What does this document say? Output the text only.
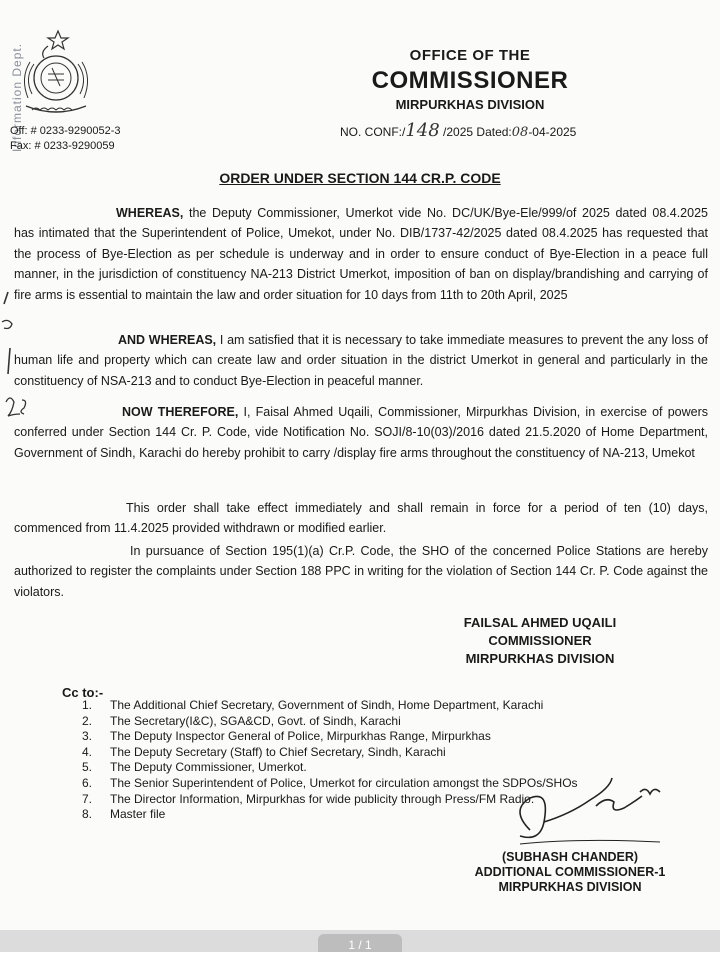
Information Dept.
Off: # 0233-9290052-3
Fax: # 0233-9290059
OFFICE OF THE
COMMISSIONER
MIRPURKHAS DIVISION
NO. CONF:/148 /2025 Dated:08-04-2025
ORDER UNDER SECTION 144 CR.P. CODE
WHEREAS, the Deputy Commissioner, Umerkot vide No. DC/UK/Bye-Ele/999/of 2025 dated 08.4.2025 has intimated that the Superintendent of Police, Umekot, under No. DIB/1737-42/2025 dated 08.4.2025 has requested that the process of Bye-Election as per schedule is underway and in order to ensure conduct of Bye-Election in a peace full manner, in the jurisdiction of constituency NA-213 District Umerkot, imposition of ban on display/brandishing and carrying of fire arms is essential to maintain the law and order situation for 10 days from 11th to 20th April, 2025
AND WHEREAS, I am satisfied that it is necessary to take immediate measures to prevent the any loss of human life and property which can create law and order situation in the district Umerkot in general and particularly in the constituency of NSA-213 and to conduct Bye-Election in peaceful manner.
NOW THEREFORE, I, Faisal Ahmed Uqaili, Commissioner, Mirpurkhas Division, in exercise of powers conferred under Section 144 Cr. P. Code, vide Notification No. SOJI/8-10(03)/2016 dated 21.5.2020 of Home Department, Government of Sindh, Karachi do hereby prohibit to carry /display fire arms throughout the constituency of NA-213, Umekot
This order shall take effect immediately and shall remain in force for a period of ten (10) days, commenced from 11.4.2025 provided withdrawn or modified earlier.
In pursuance of Section 195(1)(a) Cr.P. Code, the SHO of the concerned Police Stations are hereby authorized to register the complaints under Section 188 PPC in writing for the violation of Section 144 Cr. P. Code against the violators.
FAILSAL AHMED UQAILI
COMMISSIONER
MIRPURKHAS DIVISION
Cc to:-
1. The Additional Chief Secretary, Government of Sindh, Home Department, Karachi
2. The Secretary(I&C), SGA&CD, Govt. of Sindh, Karachi
3. The Deputy Inspector General of Police, Mirpurkhas Range, Mirpurkhas
4. The Deputy Secretary (Staff) to Chief Secretary, Sindh, Karachi
5. The Deputy Commissioner, Umerkot.
6. The Senior Superintendent of Police, Umerkot for circulation amongst the SDPOs/SHOs
7. The Director Information, Mirpurkhas for wide publicity through Press/FM Radio.
8. Master file
(SUBHASH CHANDER)
ADDITIONAL COMMISSIONER-1
MIRPURKHAS DIVISION
1 / 1
